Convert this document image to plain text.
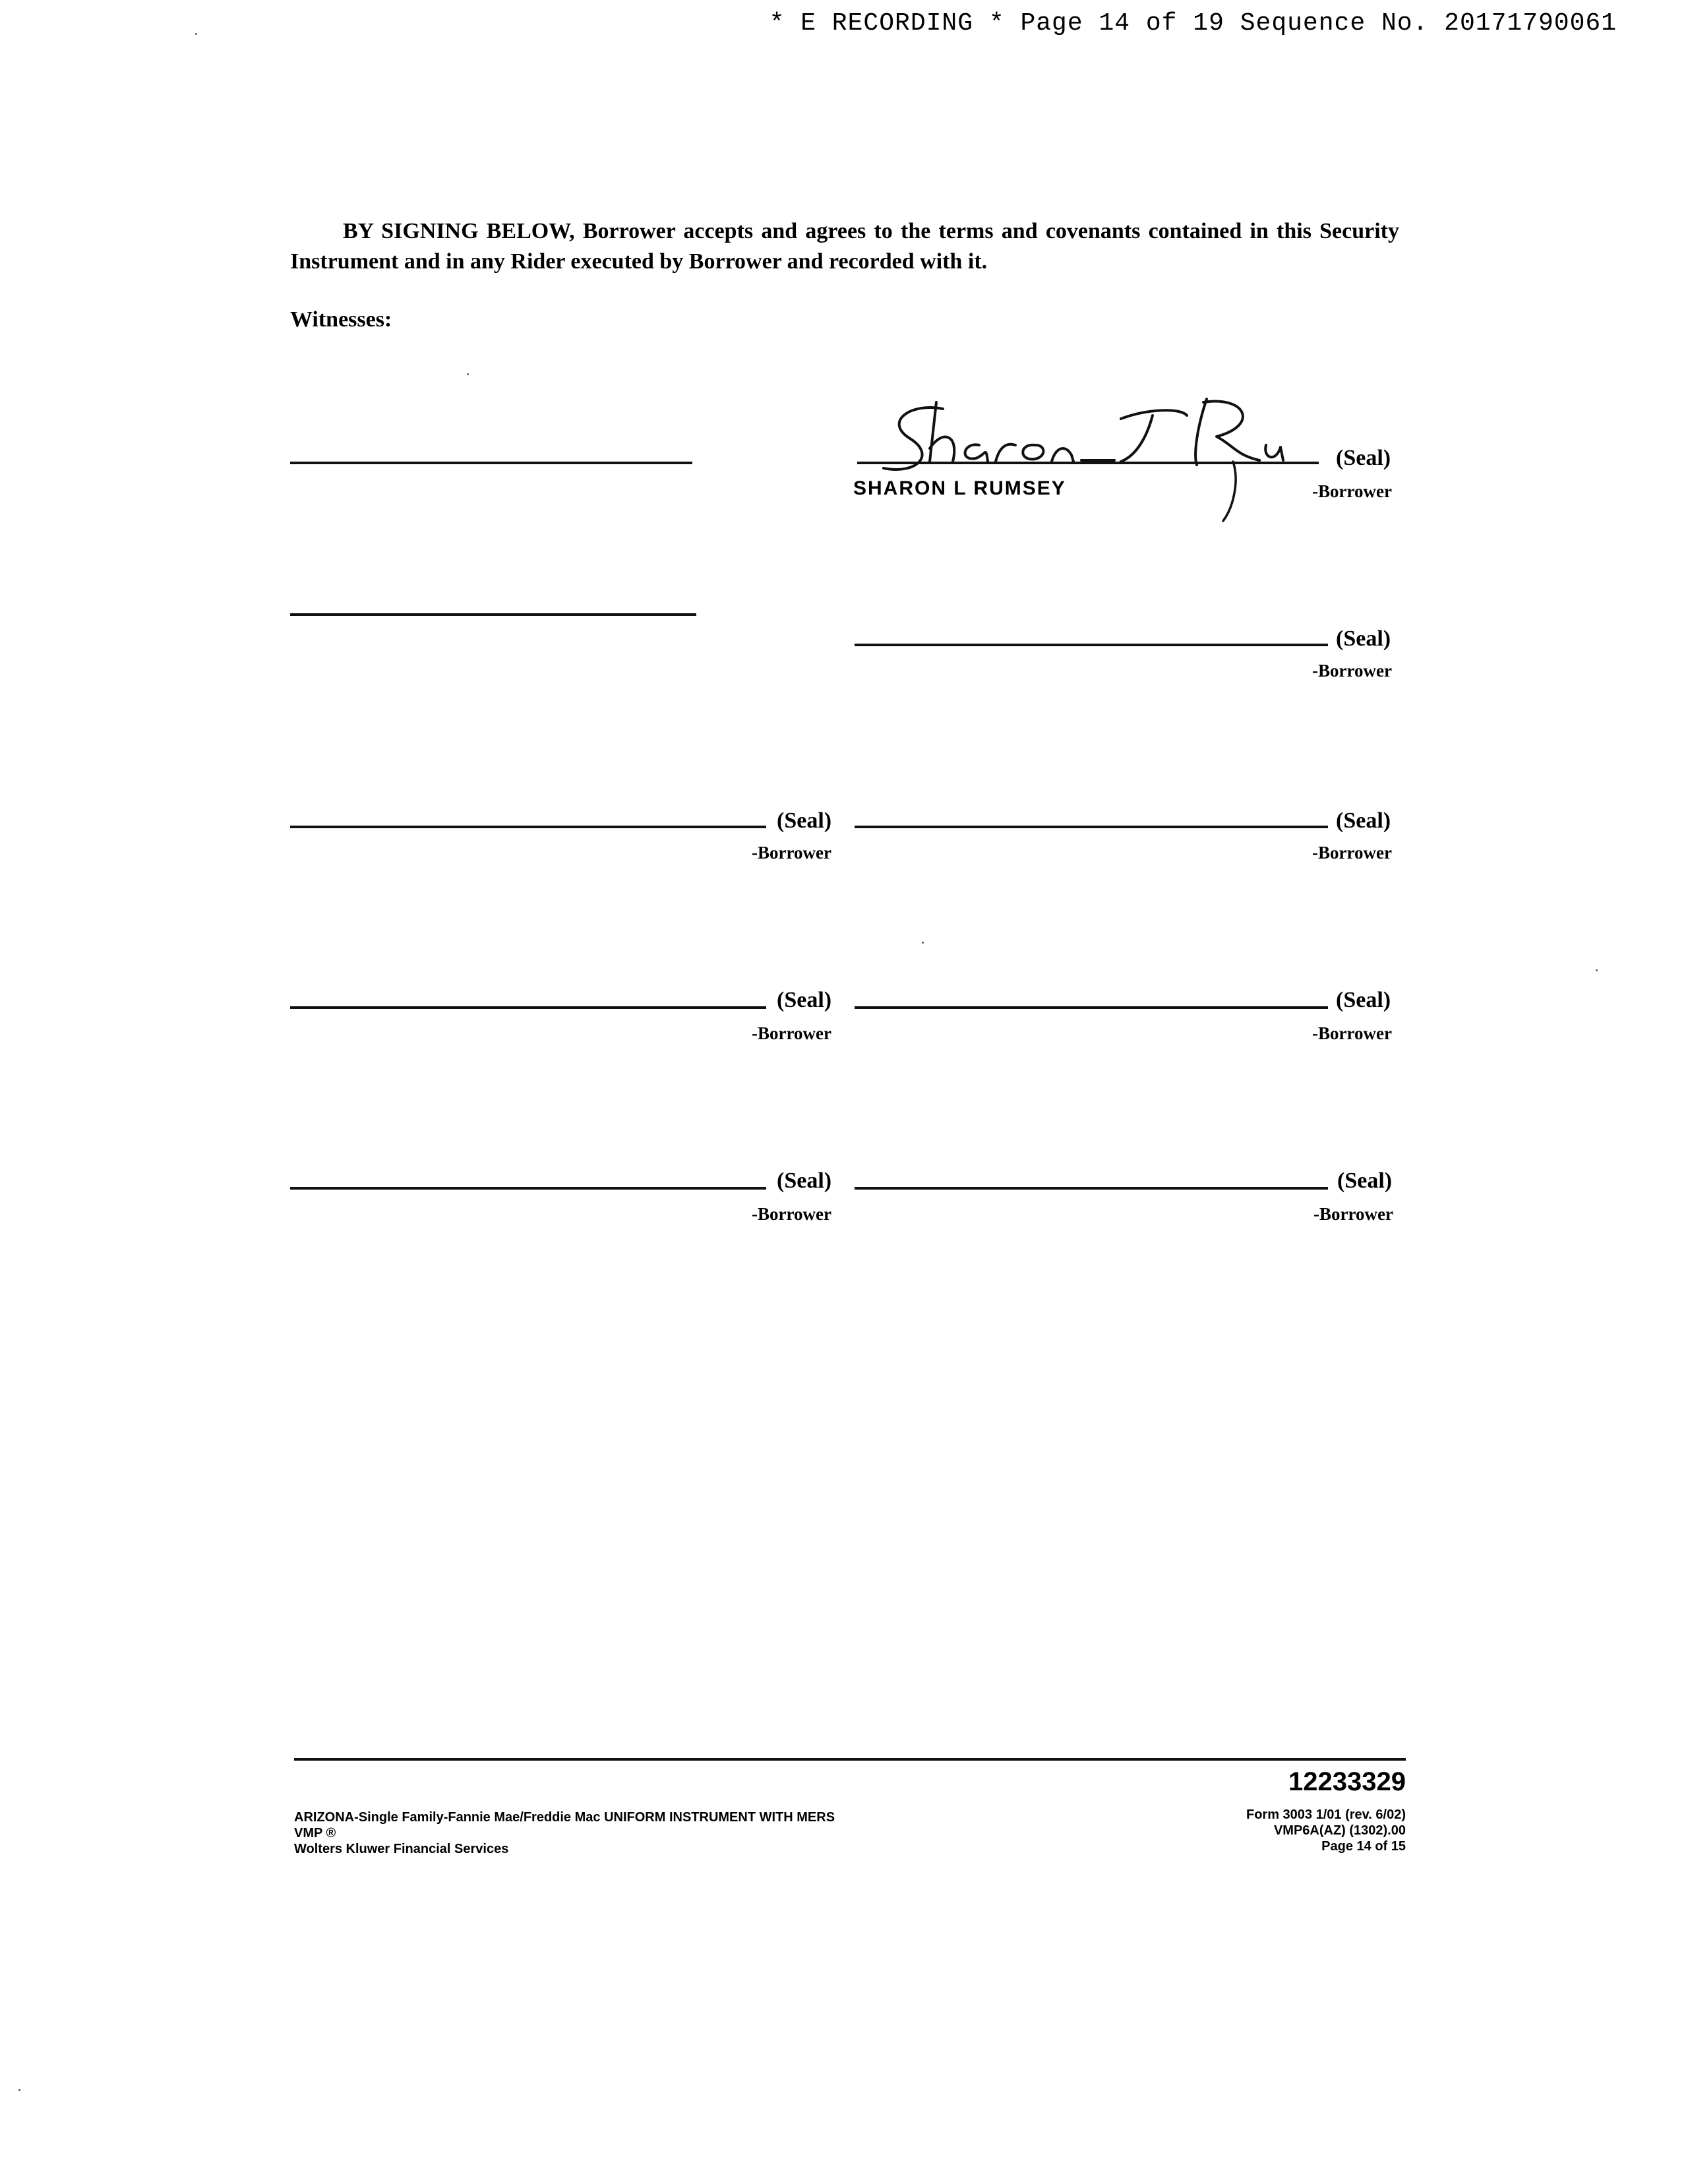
* E RECORDING * Page 14 of 19 Sequence No. 20171790061
BY SIGNING BELOW, Borrower accepts and agrees to the terms and covenants contained in this Security Instrument and in any Rider executed by Borrower and recorded with it.
Witnesses:
SHARON L RUMSEY
(Seal)
-Borrower
(Seal)
-Borrower
(Seal)
-Borrower
(Seal)
-Borrower
(Seal)
-Borrower
(Seal)
-Borrower
(Seal)
-Borrower
(Seal)
-Borrower
12233329
ARIZONA-Single Family-Fannie Mae/Freddie Mac UNIFORM INSTRUMENT WITH MERS
VMP ®
Wolters Kluwer Financial Services
Form 3003 1/01 (rev. 6/02)
VMP6A(AZ) (1302).00
Page 14 of 15
